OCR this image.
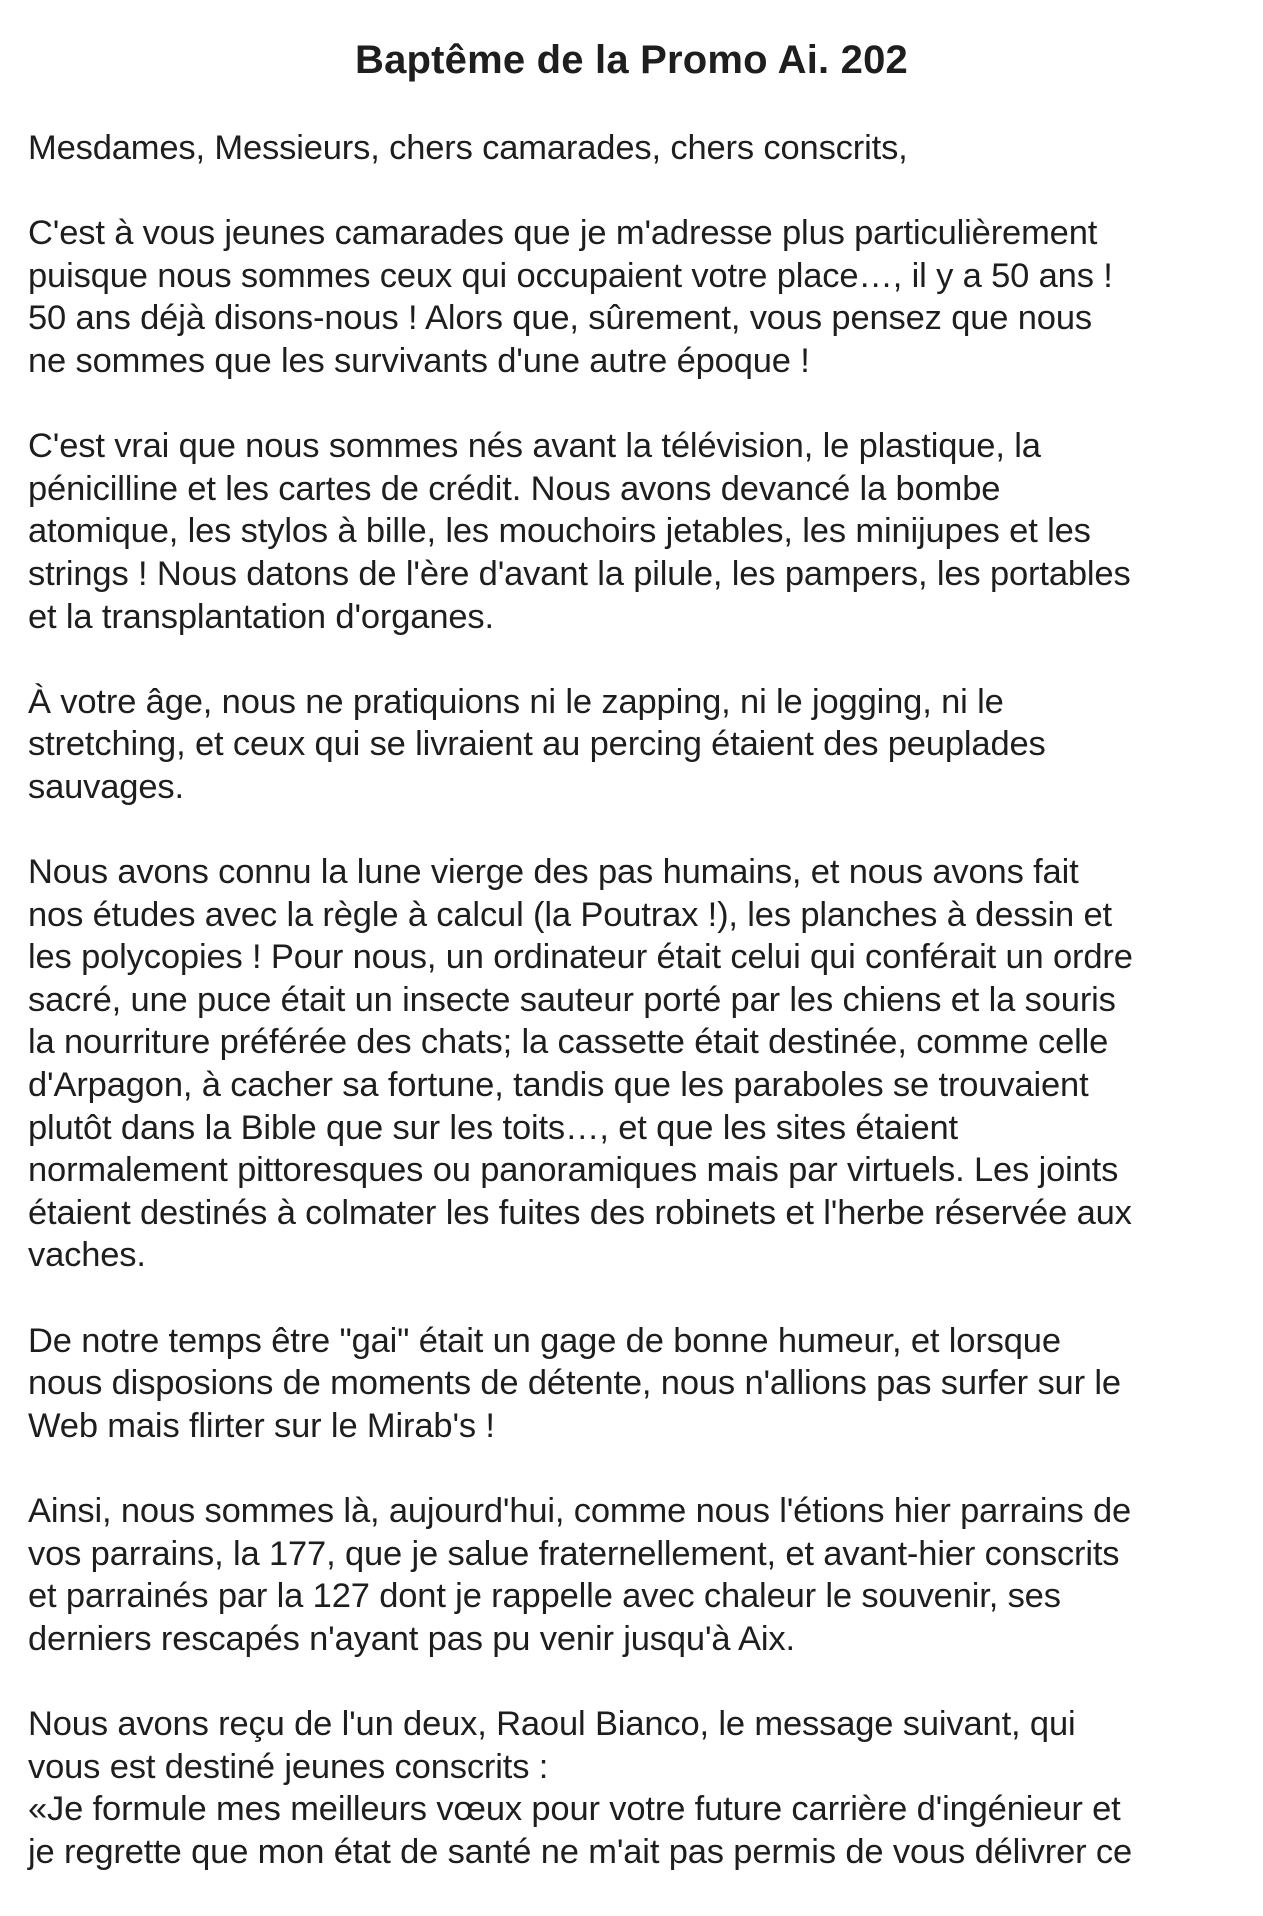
Baptême de la Promo Ai. 202

Mesdames, Messieurs, chers camarades, chers conscrits,

C'est à vous jeunes camarades que je m'adresse plus particulièrement
puisque nous sommes ceux qui occupaient votre place…, il y a 50 ans !
50 ans déjà disons-nous ! Alors que, sûrement, vous pensez que nous
ne sommes que les survivants d'une autre époque !

C'est vrai que nous sommes nés avant la télévision, le plastique, la
pénicilline et les cartes de crédit. Nous avons devancé la bombe
atomique, les stylos à bille, les mouchoirs jetables, les minijupes et les
strings ! Nous datons de l'ère d'avant la pilule, les pampers, les portables
et la transplantation d'organes.

À votre âge, nous ne pratiquions ni le zapping, ni le jogging, ni le
stretching, et ceux qui se livraient au percing étaient des peuplades
sauvages.

Nous avons connu la lune vierge des pas humains, et nous avons fait
nos études avec la règle à calcul (la Poutrax !), les planches à dessin et
les polycopies ! Pour nous, un ordinateur était celui qui conférait un ordre
sacré, une puce était un insecte sauteur porté par les chiens et la souris
la nourriture préférée des chats; la cassette était destinée, comme celle
d'Arpagon, à cacher sa fortune, tandis que les paraboles se trouvaient
plutôt dans la Bible que sur les toits…, et que les sites étaient
normalement pittoresques ou panoramiques mais par virtuels. Les joints
étaient destinés à colmater les fuites des robinets et l'herbe réservée aux
vaches.

De notre temps être "gai" était un gage de bonne humeur, et lorsque
nous disposions de moments de détente, nous n'allions pas surfer sur le
Web mais flirter sur le Mirab's !

Ainsi, nous sommes là, aujourd'hui, comme nous l'étions hier parrains de
vos parrains, la 177, que je salue fraternellement, et avant-hier conscrits
et parrainés par la 127 dont je rappelle avec chaleur le souvenir, ses
derniers rescapés n'ayant pas pu venir jusqu'à Aix.

Nous avons reçu de l'un deux, Raoul Bianco, le message suivant, qui
vous est destiné jeunes conscrits :
«Je formule mes meilleurs vœux pour votre future carrière d'ingénieur et
je regrette que mon état de santé ne m'ait pas permis de vous délivrer ce
